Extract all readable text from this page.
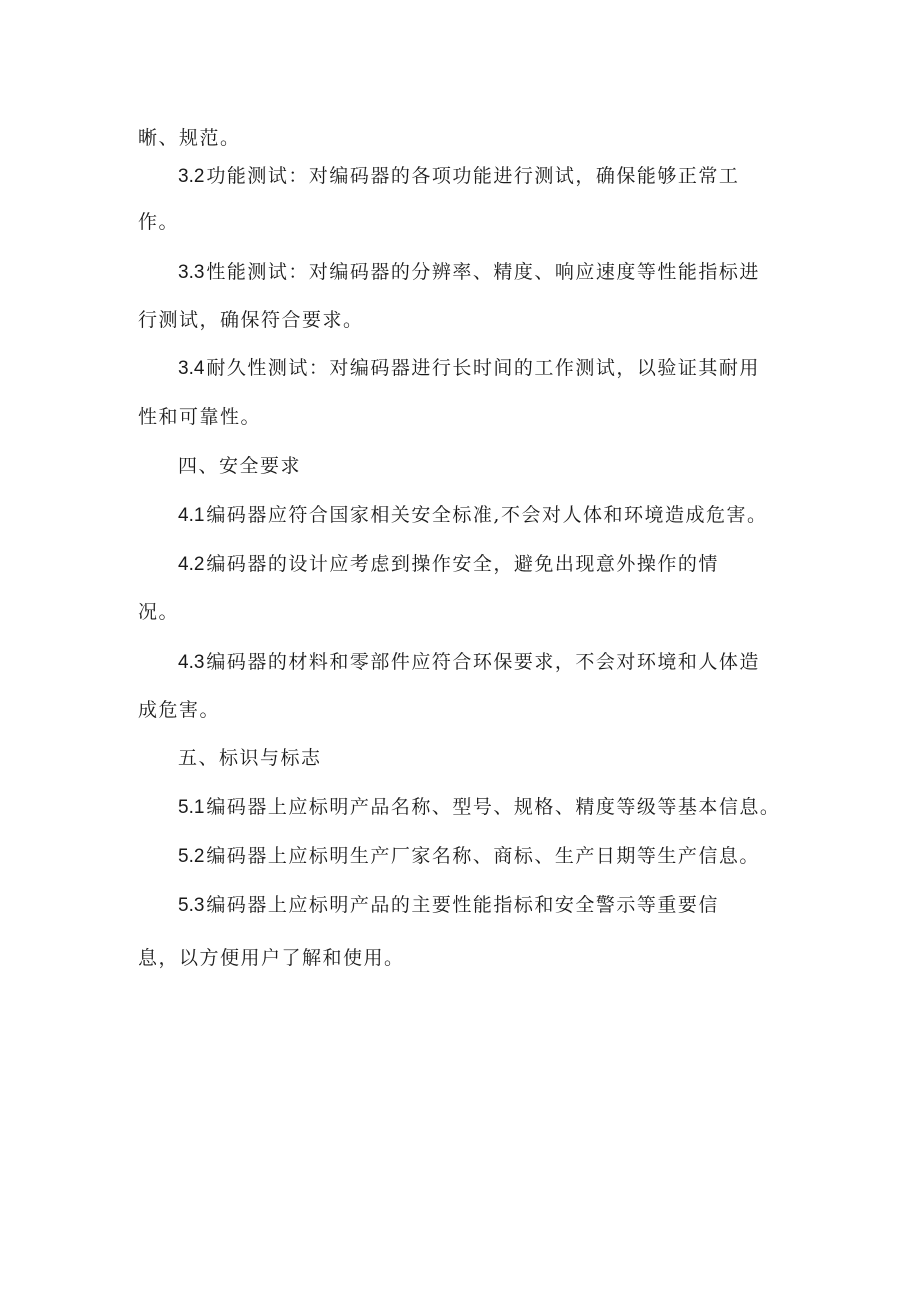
晰、规范。
3.2 功能测试：对编码器的各项功能进行测试，确保能够正常工
作。
3.3 性能测试：对编码器的分辨率、精度、响应速度等性能指标进
行测试，确保符合要求。
3.4 耐久性测试：对编码器进行长时间的工作测试，以验证其耐用
性和可靠性。
四、安全要求
4.1 编码器应符合国家相关安全标准,不会对人体和环境造成危害。
4.2 编码器的设计应考虑到操作安全，避免出现意外操作的情
况。
4.3 编码器的材料和零部件应符合环保要求，不会对环境和人体造
成危害。
五、标识与标志
5.1 编码器上应标明产品名称、型号、规格、精度等级等基本信息。
5.2 编码器上应标明生产厂家名称、商标、生产日期等生产信息。
5.3 编码器上应标明产品的主要性能指标和安全警示等重要信
息，以方便用户了解和使用。
